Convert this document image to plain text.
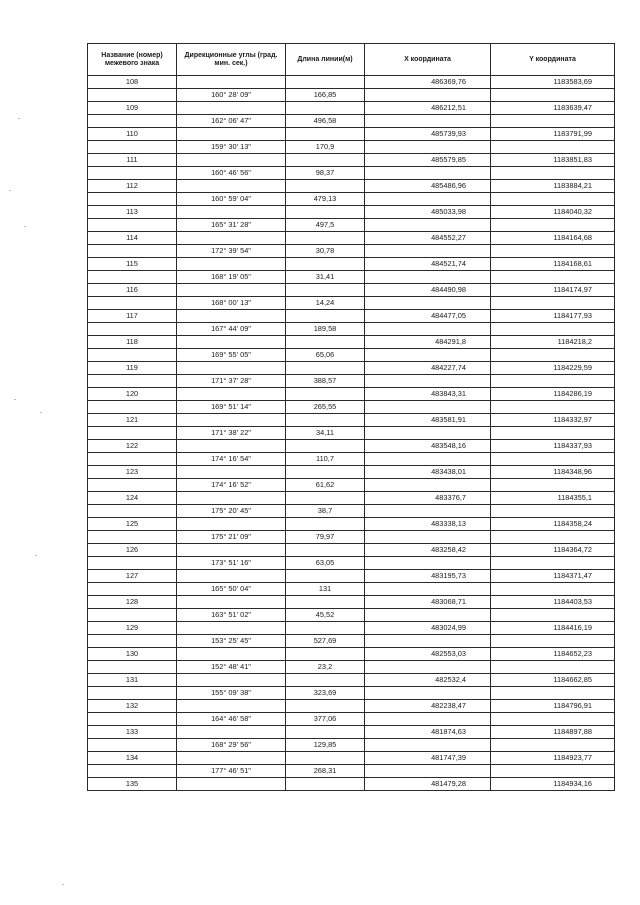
Название (номер) межевого знака	Дирекционные углы (град. мин. сек.)	Длина линии(м)	X координата	Y координата
108			486369,76	1183583,69
	160° 28' 09"	166,85		
109			486212,51	1183639,47
	162° 06' 47"	496,58		
110			485739,93	1183791,99
	159° 30' 13"	170,9		
111			485579,85	1183851,83
	160° 46' 56"	98,37		
112			485486,96	1183884,21
	160° 59' 04"	479,13		
113			485033,98	1184040,32
	165° 31' 28"	497,5		
114			484552,27	1184164,68
	172° 39' 54"	30,78		
115			484521,74	1184168,61
	168° 19' 05"	31,41		
116			484490,98	1184174,97
	168° 00' 13"	14,24		
117			484477,05	1184177,93
	167° 44' 09"	189,58		
118			484291,8	1184218,2
	169° 55' 05"	65,06		
119			484227,74	1184229,59
	171° 37' 28"	388,57		
120			483843,31	1184286,19
	169° 51' 14"	265,55		
121			483581,91	1184332,97
	171° 38' 22"	34,11		
122			483548,16	1184337,93
	174° 16' 54"	110,7		
123			483438,01	1184348,96
	174° 16' 52"	61,62		
124			483376,7	1184355,1
	175° 20' 45"	38,7		
125			483338,13	1184358,24
	175° 21' 09"	79,97		
126			483258,42	1184364,72
	173° 51' 16"	63,05		
127			483195,73	1184371,47
	165° 50' 04"	131		
128			483068,71	1184403,53
	163° 51' 02"	45,52		
129			483024,99	1184416,19
	153° 25' 45"	527,69		
130			482553,03	1184652,23
	152° 48' 41"	23,2		
131			482532,4	1184662,85
	155° 09' 38"	323,69		
132			482238,47	1184796,91
	164° 46' 58"	377,06		
133			481874,63	1184897,88
	168° 29' 56"	129,85		
134			481747,39	1184923,77
	177° 46' 51"	268,31		
135			481479,28	1184934,16
